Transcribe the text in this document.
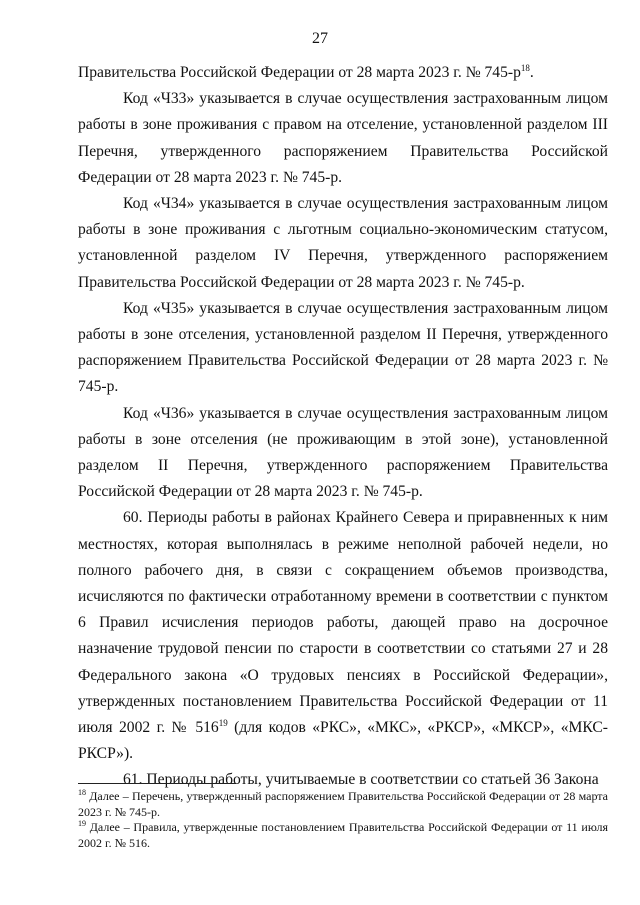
27

Правительства Российской Федерации от 28 марта 2023 г. № $745-р^{18}$.

Код «Ч33» указывается в случае осуществления застрахованным лицом работы в зоне проживания с правом на отселение, установленной разделом III Перечня, утвержденного распоряжением Правительства Российской Федерации от 28 марта 2023 г. № 745-р.

Код «Ч34» указывается в случае осуществления застрахованным лицом работы в зоне проживания с льготным социально-экономическим статусом, установленной разделом IV Перечня, утвержденного распоряжением Правительства Российской Федерации от 28 марта 2023 г. № 745-р.

Код «Ч35» указывается в случае осуществления застрахованным лицом работы в зоне отселения, установленной разделом II Перечня, утвержденного распоряжением Правительства Российской Федерации от 28 марта 2023 г. № 745-р.

Код «Ч36» указывается в случае осуществления застрахованным лицом работы в зоне отселения (не проживающим в этой зоне), установленной разделом II Перечня, утвержденного распоряжением Правительства Российской Федерации от 28 марта 2023 г. № 745-р.

60. Периоды работы в районах Крайнего Севера и приравненных к ним местностях, которая выполнялась в режиме неполной рабочей недели, но полного рабочего дня, в связи с сокращением объемов производства, исчисляются по фактически отработанному времени в соответствии с пунктом 6 Правил исчисления периодов работы, дающей право на досрочное назначение трудовой пенсии по старости в соответствии со статьями 27 и 28 Федерального закона «О трудовых пенсиях в Российской Федерации», утвержденных постановлением Правительства Российской Федерации от 11 июля 2002 г. № $516^{19}$ (для кодов «РКС», «МКС», «РКСР», «МКСР», «МКС-РКСР»).

61. Периоды работы, учитываемые в соответствии со статьей 36 Закона

$^{18}$ Далее – Перечень, утвержденный распоряжением Правительства Российской Федерации от 28 марта 2023 г. № 745-р.

$^{19}$ Далее – Правила, утвержденные постановлением Правительства Российской Федерации от 11 июля 2002 г. № 516.
